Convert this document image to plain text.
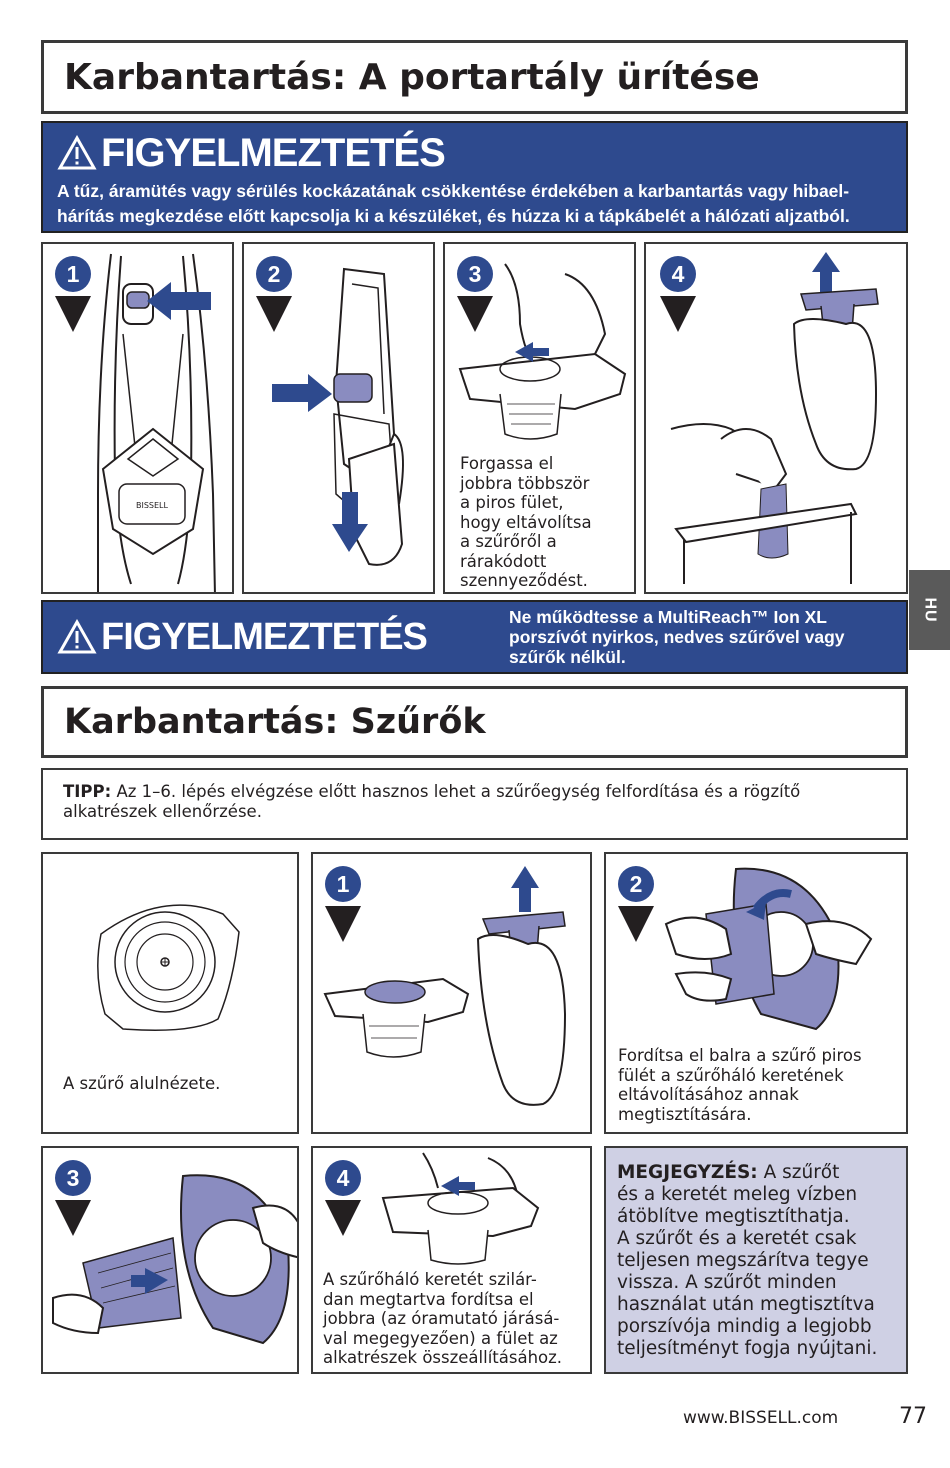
Karbantartás: A portartály ürítése
FIGYELMEZTETÉS
A tűz, áramütés vagy sérülés kockázatának csökkentése érdekében a karbantartás vagy hibael-
hárítás megkezdése előtt kapcsolja ki a készüléket, és húzza ki a tápkábelét a hálózati aljzatból.
BISSELL
1	2	3
Forgassa el
jobbra többször
a piros fület,
hogy eltávolítsa
a szűrőről a
rárakódott
szennyeződést.
4
FIGYELMEZTETÉS	Ne működtesse a MultiReach™ Ion XL
porszívót nyirkos, nedves szűrővel vagy
szűrők nélkül.
HU
Karbantartás: Szűrők
TIPP: Az 1–6. lépés elvégzése előtt hasznos lehet a szűrőegység felfordítása és a rögzítő
alkatrészek ellenőrzése.
A szűrő alulnézete.
1	2
Fordítsa el balra a szűrő piros
fülét a szűrőháló keretének
eltávolításához annak
megtisztítására.
3	4
A szűrőháló keretét szilár-
dan megtartva fordítsa el
jobbra (az óramutató járásá-
val megegyezően) a fület az
alkatrészek összeállításához.
MEGJEGYZÉS: A szűrőt
és a keretét meleg vízben
átöblítve megtisztíthatja.
A szűrőt és a keretét csak
teljesen megszárítva tegye
vissza. A szűrőt minden
használat után megtisztítva
porszívója mindig a legjobb
teljesítményt fogja nyújtani.
www.BISSELL.com	77
